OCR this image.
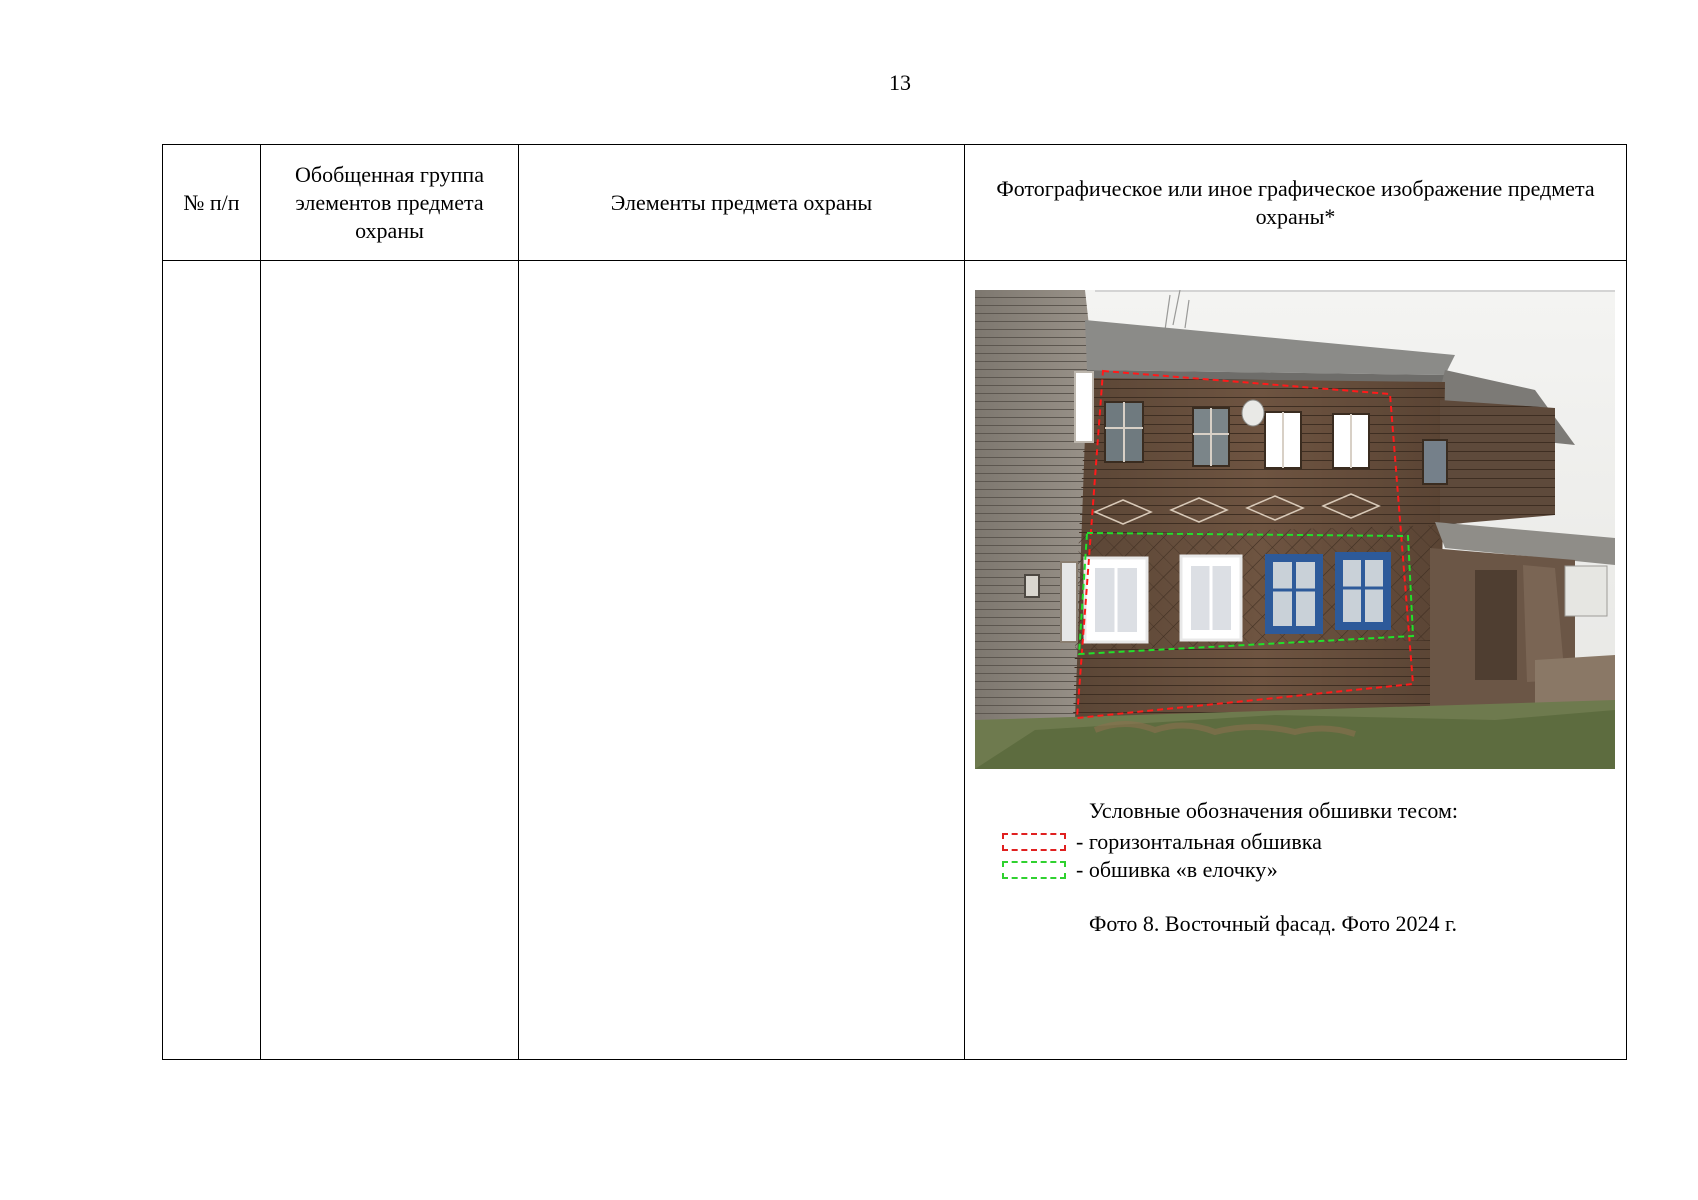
13
№ п/п	Обобщенная группа элементов предмета охраны	Элементы предмета охраны	Фотографическое или иное графическое изображение предмета охраны*

			Условные обозначения обшивки тесом:
- горизонтальная обшивка
- обшивка «в елочку»
Фото 8. Восточный фасад. Фото 2024 г.
